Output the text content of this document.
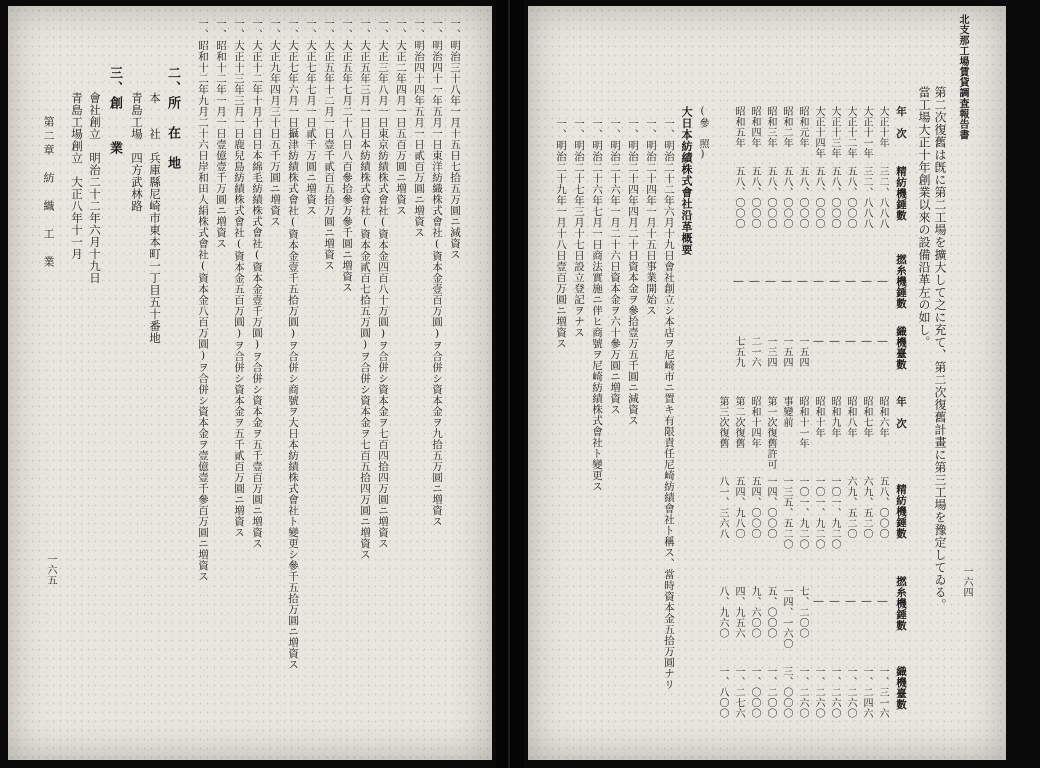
一、明治三十八年一月十五日七拾五万圓ニ減資ス
一、明治四十一年五月一日東洋紡織株式會社(資本金壹百万圓)ヲ合併シ資本金ヲ九拾五万圓ニ増資ス
一、明治四十四年五月一日貳百万圓ニ増資ス
一、大正二年四月一日五百万圓ニ増資ス
一、大正三年八月一日東京紡績株式會社(資本金四百八十万圓)ヲ合併シ資本金ヲ七百四拾四万圓ニ増資ス
一、大正五年三月一日日本紡績株式會社(資本金貳百七拾五万圓)ヲ合併シ資本金ヲ七百五拾四万圓ニ増資ス
一、大正五年七月二十八日八百參拾參万參千圓ニ増資ス
一、大正五年十二月一日壹千貳百五拾万圓ニ増資ス
一、大正七年七月一日貳千万圓ニ増資ス
一、大正七年六月一日攝津紡績株式會社(資本金壹千五拾万圓)ヲ合併シ商號ヲ大日本紡績株式會社ト變更シ參千五拾万圓ニ増資ス
一、大正九年四月三十日五千万圓ニ増資ス
一、大正十二年十月十日日本綿毛紡績株式會社(資本金壹千万圓)ヲ合併シ資本金ヲ五千壹百万圓ニ増資ス
一、大正十三年三月一日鹿兒島紡績株式會社(資本金五百万圓)ヲ合併シ資本金ヲ五千貳百万圓ニ増資ス
一、昭和十二年一月一日壹億壹千万圓ニ増資ス
一、昭和十二年九月二十六日岸和田人絹株式會社(資本金八百万圓)ヲ合併シ資本金ヲ壹億壹千參百万圓ニ増資ス
二、所　在　地
本　　社　兵庫縣尼崎市東本町一丁目五十番地
青島工場　四方武林路
三、創　　業
會社創立　明治二十二年六月十九日
青島工場創立　大正八年十一月
第二章　紡　織　工　業
一六五
北支那工場賃貸調査報告書
一六四
第二次復舊は旣に第二工場を擴大して之に充て、第二次復舊計畫に第三工場を豫定してゐる。
當工場大正十年創業以來の設備沿革左の如し。
年　次
精紡機錘數
撚糸機錘數
織機臺數
年　次
精紡機錘數
撚糸機錘數
織機臺數
大正十年
三二、八八八
―
―
大正十一年
三二、八八八
―
―
大正十二年
五八、〇〇〇
―
―
大正十三年
五八、〇〇〇
―
―
大正十四年
五八、〇〇〇
―
―
昭和元年
五八、〇〇〇
―
一五四
昭和二年
五八、〇〇〇
―
一五四
昭和三年
五八、〇〇〇
―
一三四
昭和四年
五八、〇〇〇
―
二一六
昭和五年
五八、〇〇〇
―
七五九
昭和六年
五八、〇〇〇
―
一、三一六
昭和七年
六九、五二〇
―
一、二四六
昭和八年
六九、五二〇
―
一、二六〇
昭和九年
一〇一、九二〇
―
一、二六〇
昭和十年
一〇一、九二〇
―
一、二六〇
昭和十一年
一〇一、九二〇
七、二〇〇
一、二六〇
事變前
一三五、五二〇
一四、一六〇
三、〇〇〇
第一次復舊許可
一四、〇〇〇
五、〇〇〇
一、二〇〇
昭和十四年
五四、〇〇〇
九、六〇〇
一、〇〇〇
第二次復舊
五四、九八〇
四、九五六
一、二七六
第三次復舊
八一、三六八
八、九六〇
一、八〇〇
(參　照)
大日本紡績株式會社沿革概要
一、明治二十二年六月十九日會社創立シ本店ヲ尼崎市ニ置キ有限責任尼崎紡績會社ト稱ス、當時資本金五拾万圓ナリ
一、明治二十四年一月十五日事業開始ス
一、明治二十四年四月二十日資本金ヲ參拾壹万五千圓ニ減資ス
一、明治二十六年一月二十六日資本金ヲ六十參万圓ニ増資ス
一、明治二十六年七月一日商法實施ニ伴ヒ商號ヲ尼崎紡績株式會社ト變更ス
一、明治二十七年三月十七日設立登記ヲナス
一、明治二十九年一月十八日壹百万圓ニ増資ス
